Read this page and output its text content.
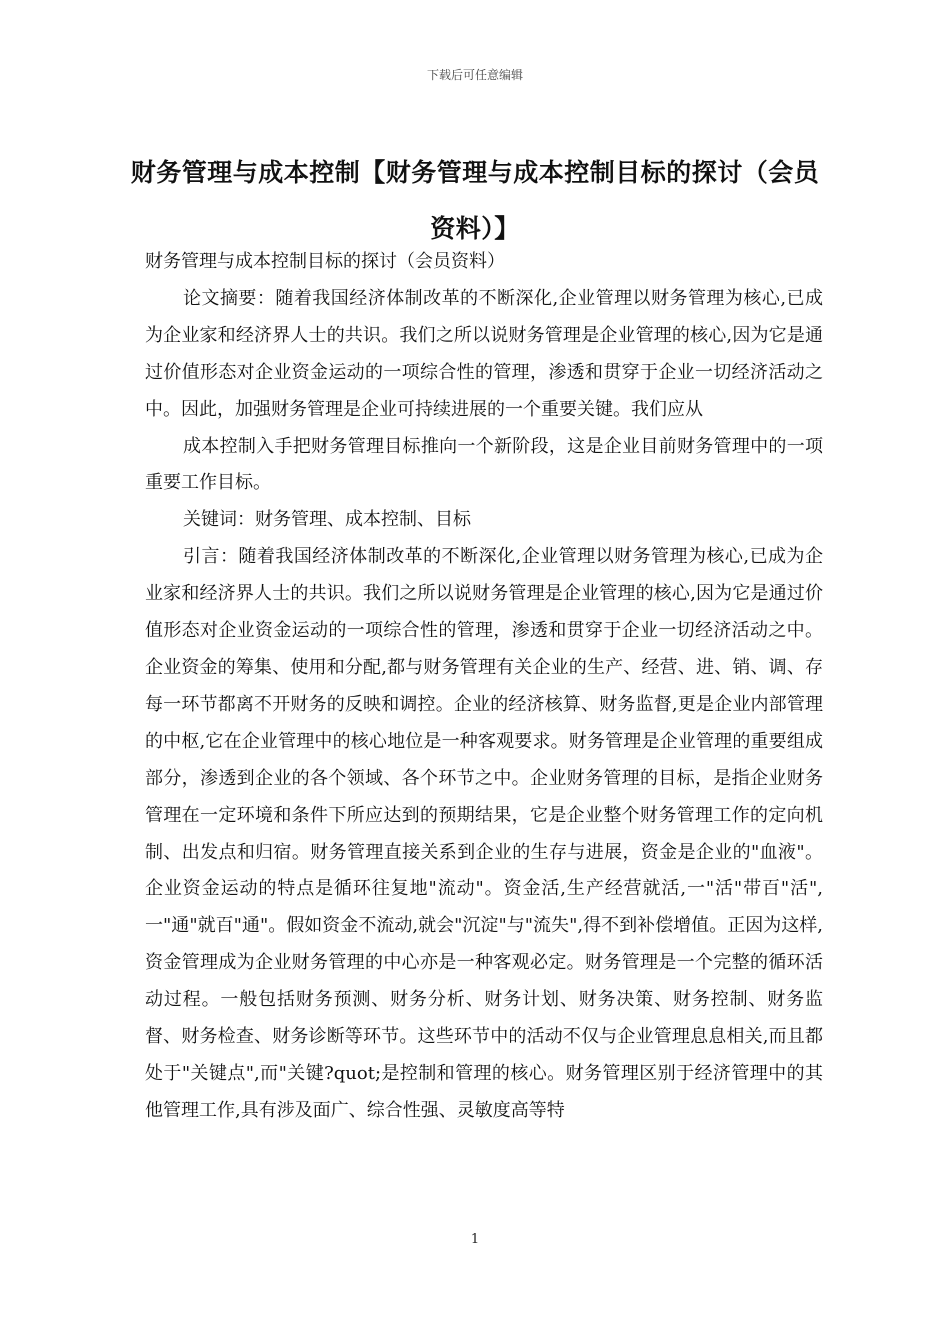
下载后可任意编辑
财务管理与成本控制【财务管理与成本控制目标的探讨（会员资料）】

财务管理与成本控制目标的探讨（会员资料）

论文摘要：随着我国经济体制改革的不断深化,企业管理以财务管理为核心,已成为企业家和经济界人士的共识。我们之所以说财务管理是企业管理的核心,因为它是通过价值形态对企业资金运动的一项综合性的管理，渗透和贯穿于企业一切经济活动之中。因此，加强财务管理是企业可持续进展的一个重要关键。我们应从

成本控制入手把财务管理目标推向一个新阶段，这是企业目前财务管理中的一项重要工作目标。

关键词：财务管理、成本控制、目标

引言：随着我国经济体制改革的不断深化,企业管理以财务管理为核心,已成为企业家和经济界人士的共识。我们之所以说财务管理是企业管理的核心,因为它是通过价值形态对企业资金运动的一项综合性的管理，渗透和贯穿于企业一切经济活动之中。企业资金的筹集、使用和分配,都与财务管理有关企业的生产、经营、进、销、调、存每一环节都离不开财务的反映和调控。企业的经济核算、财务监督,更是企业内部管理的中枢,它在企业管理中的核心地位是一种客观要求。财务管理是企业管理的重要组成部分，渗透到企业的各个领域、各个环节之中。企业财务管理的目标，是指企业财务管理在一定环境和条件下所应达到的预期结果，它是企业整个财务管理工作的定向机制、出发点和归宿。财务管理直接关系到企业的生存与进展，资金是企业的"血液"。企业资金运动的特点是循环往复地"流动"。资金活,生产经营就活,一"活"带百"活",一"通"就百"通"。假如资金不流动,就会"沉淀"与"流失",得不到补偿增值。正因为这样,资金管理成为企业财务管理的中心亦是一种客观必定。财务管理是一个完整的循环活动过程。一般包括财务预测、财务分析、财务计划、财务决策、财务控制、财务监督、财务检查、财务诊断等环节。这些环节中的活动不仅与企业管理息息相关,而且都处于"关键点",而"关键?quot;是控制和管理的核心。财务管理区别于经济管理中的其他管理工作,具有涉及面广、综合性强、灵敏度高等特

1
